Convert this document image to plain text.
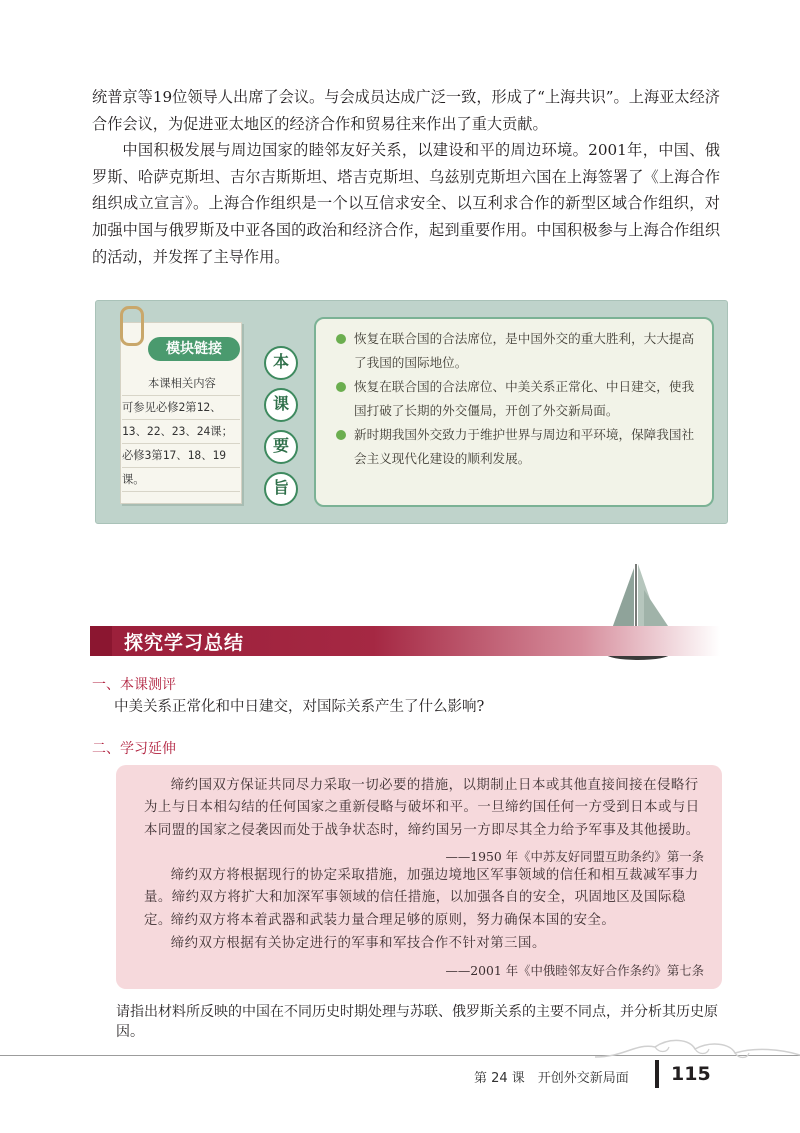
统普京等19位领导人出席了会议。与会成员达成广泛一致，形成了“上海共识”。上海亚太经济合作会议，为促进亚太地区的经济合作和贸易往来作出了重大贡献。

中国积极发展与周边国家的睦邻友好关系，以建设和平的周边环境。2001年，中国、俄罗斯、哈萨克斯坦、吉尔吉斯斯坦、塔吉克斯坦、乌兹别克斯坦六国在上海签署了《上海合作组织成立宣言》。上海合作组织是一个以互信求安全、以互利求合作的新型区域合作组织，对加强中国与俄罗斯及中亚各国的政治和经济合作，起到重要作用。中国积极参与上海合作组织的活动，并发挥了主导作用。

模块链接
本课相关内容
可参见必修2第12、
13、22、23、24课；
必修3第17、18、19
课。
本
课
要
旨
恢复在联合国的合法席位，是中国外交的重大胜利，大大提高了我国的国际地位。
恢复在联合国的合法席位、中美关系正常化、中日建交，使我国打破了长期的外交僵局，开创了外交新局面。
新时期我国外交致力于维护世界与周边和平环境，保障我国社会主义现代化建设的顺利发展。
探究学习总结
一、本课测评
中美关系正常化和中日建交，对国际关系产生了什么影响?
二、学习延伸
缔约国双方保证共同尽力采取一切必要的措施，以期制止日本或其他直接间接在侵略行为上与日本相勾结的任何国家之重新侵略与破坏和平。一旦缔约国任何一方受到日本或与日本同盟的国家之侵袭因而处于战争状态时，缔约国另一方即尽其全力给予军事及其他援助。
——1950 年《中苏友好同盟互助条约》第一条
缔约双方将根据现行的协定采取措施，加强边境地区军事领域的信任和相互裁减军事力量。缔约双方将扩大和加深军事领域的信任措施，以加强各自的安全，巩固地区及国际稳定。 缔约双方将本着武器和武装力量合理足够的原则，努力确保本国的安全。
缔约双方根据有关协定进行的军事和军技合作不针对第三国。
——2001 年《中俄睦邻友好合作条约》第七条
请指出材料所反映的中国在不同历史时期处理与苏联、俄罗斯关系的主要不同点，并分析其历史原因。
第 24 课　开创外交新局面 115
